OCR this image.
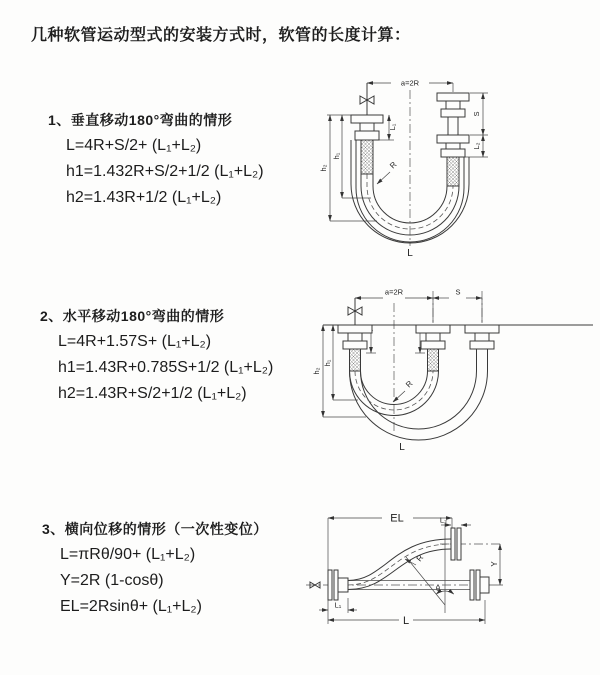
几种软管运动型式的安装方式时，软管的长度计算：
1、垂直移动180°弯曲的情形
L=4R+S/2+ (L₁+L₂)
h1=1.432R+S/2+1/2 (L₁+L₂)
h2=1.43R+1/2 (L₁+L₂)
2、水平移动180°弯曲的情形
L=4R+1.57S+ (L₁+L₂)
h1=1.43R+0.785S+1/2 (L₁+L₂)
h2=1.43R+S/2+1/2 (L₁+L₂)
3、横向位移的情形（一次性变位）
L=πRθ/90+ (L₁+L₂)
Y=2R (1-cosθ)
EL=2Rsinθ+ (L₁+L₂)
a=2R
S
L₂
h₁
h₂
L₁
R
L
a=2R	S
h₁
h₂
R
L
EL	L₂
Y
R
θ
L
L₁
